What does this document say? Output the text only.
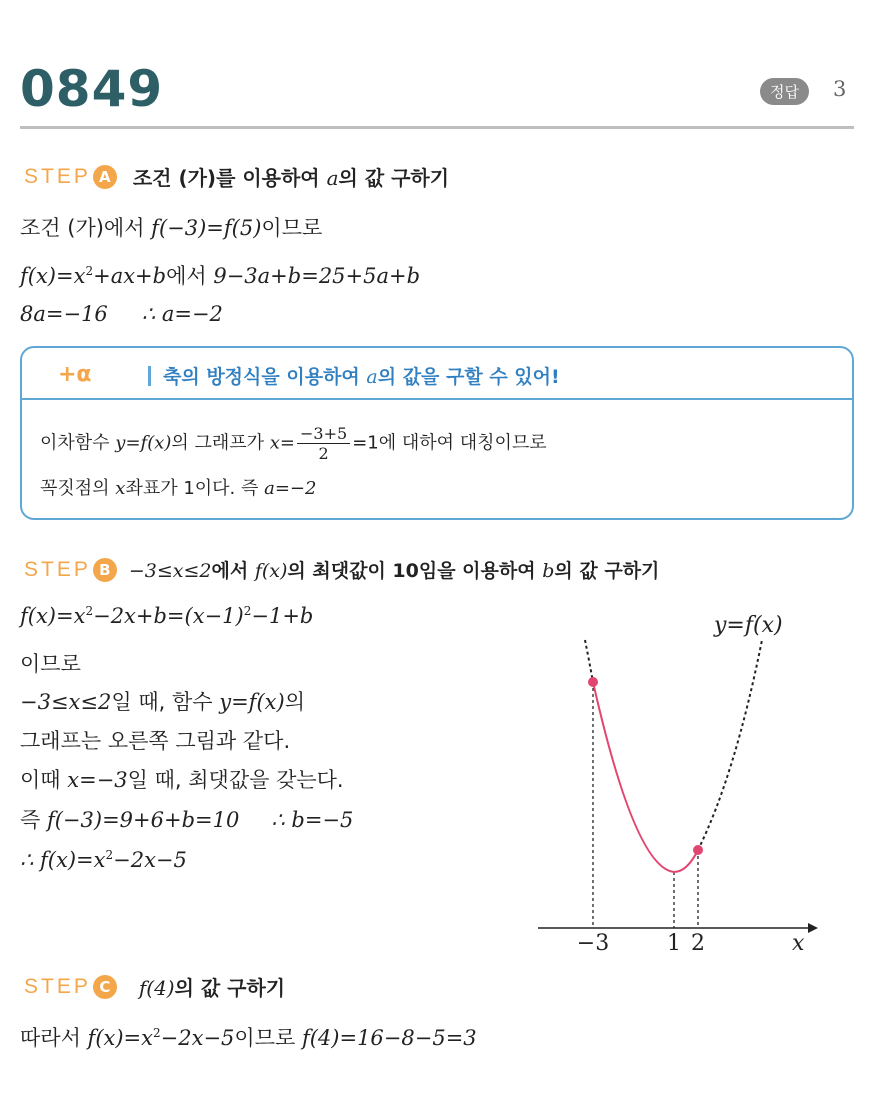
0849	정답	3
STEP A	조건 (가)를 이용하여 a의 값 구하기
조건 (가)에서 f(−3)=f(5)이므로
$f(x)=x^2+ax+b$에서 9−3a+b=25+5a+b
8a=−16 ∴ a=−2
+α	축의 방정식을 이용하여 a의 값을 구할 수 있어!
이차함수 y=f(x)의 그래프가 $x= \frac{-3+5}{2} =1$에 대하여 대칭이므로
꼭짓점의 x좌표가 1이다. 즉 a=−2
STEP B −3≤x≤2에서 f(x)의 최댓값이 10임을 이용하여 b의 값 구하기
$f(x)=x^2-2x+b=(x-1)^2-1+b$
이므로
−3≤x≤2일 때, 함수 y=f(x)의
그래프는 오른쪽 그림과 같다.
이때 x=−3일 때, 최댓값을 갖는다.
즉 f(−3)=9+6+b=10 ∴ b=−5
∴ $f(x)=x^2-2x-5$
y=f(x)
x
−3	1 2
STEP C	f(4)의 값 구하기
따라서 $f(x)=x^2-2x-5$이므로 f(4)=16−8−5=3
